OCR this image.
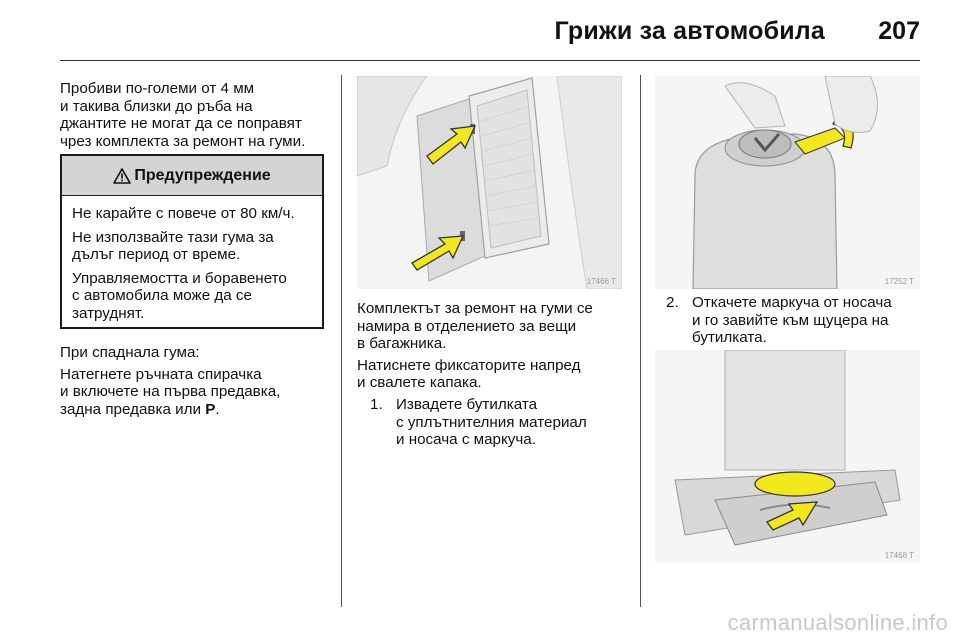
Грижи за автомобила 207

Пробиви по-големи от 4 мм
и такива близки до ръба на
джантите не могат да се поправят
чрез комплекта за ремонт на гуми.

Предупреждение

Не карайте с повече от 80 км/ч.

Не използвайте тази гума за
дълъг период от време.

Управляемостта и боравенето
с автомобила може да се
затруднят.

При спаднала гума:

Натегнете ръчната спирачка
и включете на първа предавка,
задна предавка или P.

17466 T

Комплектът за ремонт на гуми се
намира в отделението за вещи
в багажника.

Натиснете фиксаторите напред
и свалете капака.

1. Извадете бутилката
с уплътнителния материал
и носача с маркуча.
17252 T
2. Откачете маркуча от носача
и го завийте към щуцера на
бутилката.
17468 T
carmanualsonline.info
